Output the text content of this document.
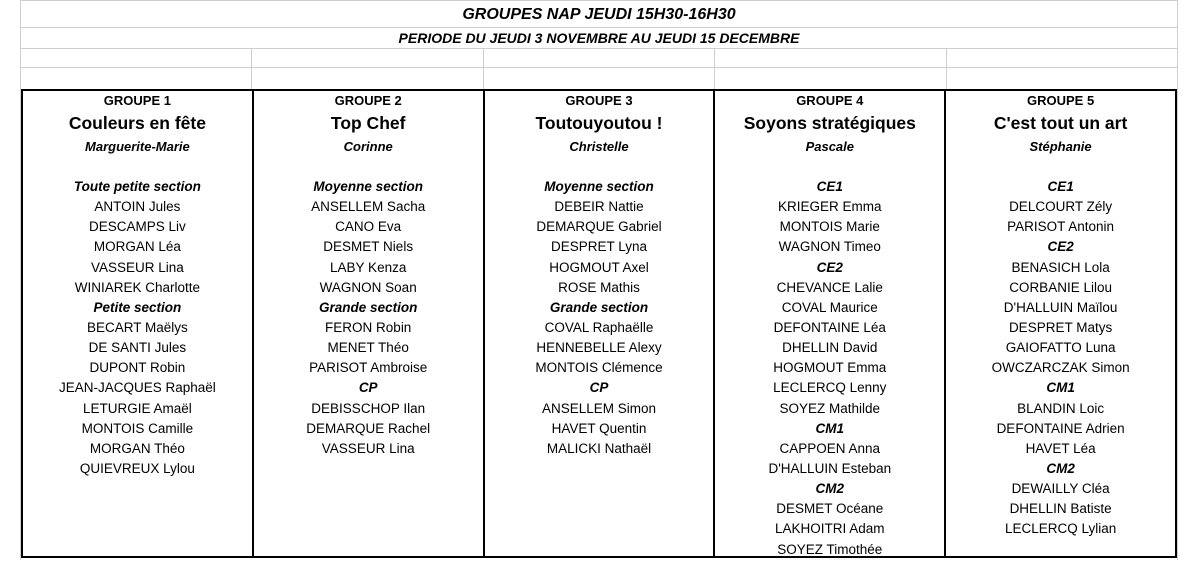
GROUPES NAP JEUDI 15H30-16H30
PERIODE DU JEUDI 3 NOVEMBRE AU JEUDI 15 DECEMBRE
GROUPE 1
Couleurs en fête
Marguerite-Marie
Toute petite section
ANTOIN Jules
DESCAMPS Liv
MORGAN Léa
VASSEUR Lina
WINIAREK Charlotte
Petite section
BECART Maëlys
DE SANTI Jules
DUPONT Robin
JEAN-JACQUES Raphaël
LETURGIE Amaël
MONTOIS Camille
MORGAN Théo
QUIEVREUX Lylou
GROUPE 2
Top Chef
Corinne
Moyenne section
ANSELLEM Sacha
CANO Eva
DESMET Niels
LABY Kenza
WAGNON Soan
Grande section
FERON Robin
MENET Théo
PARISOT Ambroise
CP
DEBISSCHOP Ilan
DEMARQUE Rachel
VASSEUR Lina
GROUPE 3
Toutouyoutou !
Christelle
Moyenne section
DEBEIR Nattie
DEMARQUE Gabriel
DESPRET Lyna
HOGMOUT Axel
ROSE Mathis
Grande section
COVAL Raphaëlle
HENNEBELLE Alexy
MONTOIS Clémence
CP
ANSELLEM Simon
HAVET Quentin
MALICKI Nathaël
GROUPE 4
Soyons stratégiques
Pascale
CE1
KRIEGER Emma
MONTOIS Marie
WAGNON Timeo
CE2
CHEVANCE Lalie
COVAL Maurice
DEFONTAINE Léa
DHELLIN David
HOGMOUT Emma
LECLERCQ Lenny
SOYEZ Mathilde
CM1
CAPPOEN Anna
D'HALLUIN Esteban
CM2
DESMET Océane
LAKHOITRI Adam
SOYEZ Timothée
GROUPE 5
C'est tout un art
Stéphanie
CE1
DELCOURT Zély
PARISOT Antonin
CE2
BENASICH Lola
CORBANIE Lilou
D'HALLUIN Maïlou
DESPRET Matys
GAIOFATTO Luna
OWCZARCZAK Simon
CM1
BLANDIN Loic
DEFONTAINE Adrien
HAVET Léa
CM2
DEWAILLY Cléa
DHELLIN Batiste
LECLERCQ Lylian
